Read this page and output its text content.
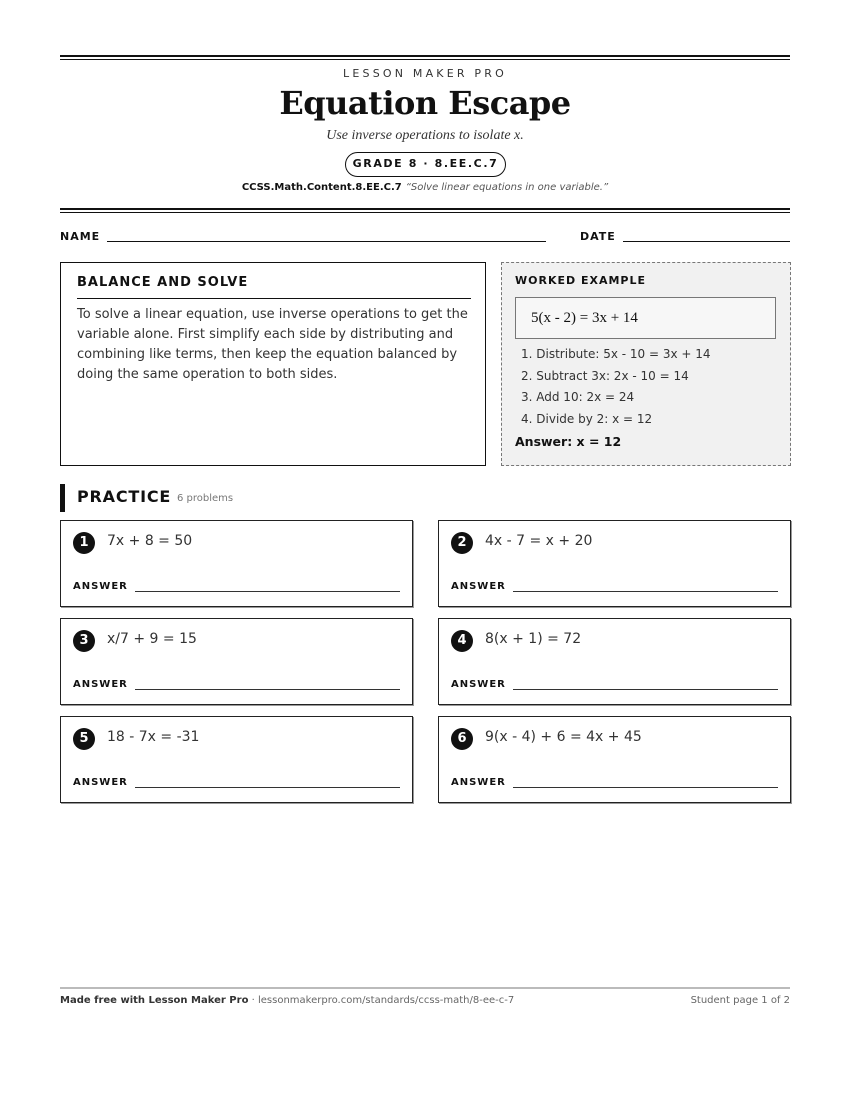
LESSON MAKER PRO
Equation Escape
Use inverse operations to isolate x.
GRADE 8 · 8.EE.C.7
CCSS.Math.Content.8.EE.C.7 “Solve linear equations in one variable.”
NAME	DATE
BALANCE AND SOLVE
To solve a linear equation, use inverse operations to get the variable alone. First simplify each side by distributing and combining like terms, then keep the equation balanced by doing the same operation to both sides.
WORKED EXAMPLE
5(x - 2) = 3x + 14
1. Distribute: 5x - 10 = 3x + 14
2. Subtract 3x: 2x - 10 = 14
3. Add 10: 2x = 24
4. Divide by 2: x = 12
Answer: x = 12
PRACTICE 6 problems
1	7x + 8 = 50
ANSWER
2	4x - 7 = x + 20
ANSWER
3	x/7 + 9 = 15
ANSWER
4	8(x + 1) = 72
ANSWER
5	18 - 7x = -31
ANSWER
6	9(x - 4) + 6 = 4x + 45
ANSWER
Made free with Lesson Maker Pro · lessonmakerpro.com/standards/ccss-math/8-ee-c-7	Student page 1 of 2
